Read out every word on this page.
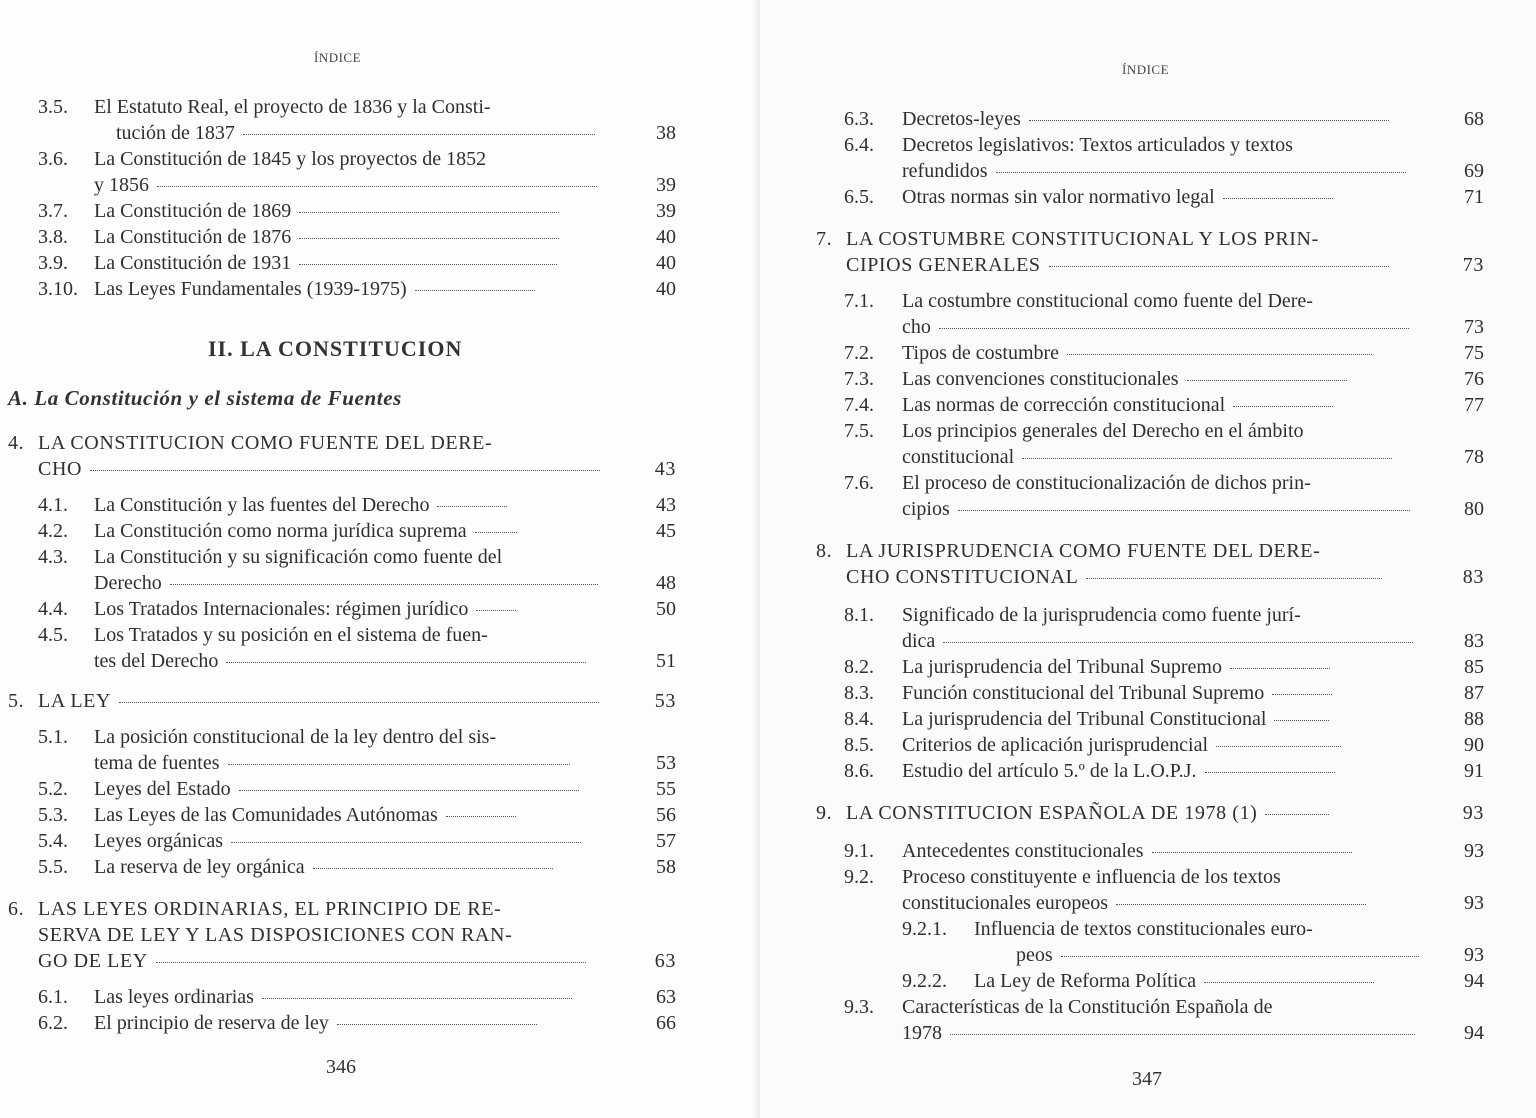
ÍNDICE
3.5. El Estatuto Real, el proyecto de 1836 y la Consti-
tución de 1837	38
3.6. La Constitución de 1845 y los proyectos de 1852
y 1856	39
3.7. La Constitución de 1869	39
3.8. La Constitución de 1876	40
3.9. La Constitución de 1931	40
3.10. Las Leyes Fundamentales (1939-1975)	40
II. LA CONSTITUCION
A. La Constitución y el sistema de Fuentes
4. LA CONSTITUCION COMO FUENTE DEL DERE-
CHO	43
4.1. La Constitución y las fuentes del Derecho	43
4.2. La Constitución como norma jurídica suprema	45
4.3. La Constitución y su significación como fuente del
Derecho	48
4.4. Los Tratados Internacionales: régimen jurídico	50
4.5. Los Tratados y su posición en el sistema de fuen-
tes del Derecho	51
5. LA LEY	53
5.1. La posición constitucional de la ley dentro del sis-
tema de fuentes	53
5.2. Leyes del Estado	55
5.3. Las Leyes de las Comunidades Autónomas	56
5.4. Leyes orgánicas	57
5.5. La reserva de ley orgánica	58
6. LAS LEYES ORDINARIAS, EL PRINCIPIO DE RE-
SERVA DE LEY Y LAS DISPOSICIONES CON RAN-
GO DE LEY	63
6.1. Las leyes ordinarias	63
6.2. El principio de reserva de ley	66
346
ÍNDICE
6.3. Decretos-leyes	68
6.4. Decretos legislativos: Textos articulados y textos
refundidos	69
6.5. Otras normas sin valor normativo legal	71
7. LA COSTUMBRE CONSTITUCIONAL Y LOS PRIN-
CIPIOS GENERALES	73
7.1. La costumbre constitucional como fuente del Dere-
cho	73
7.2. Tipos de costumbre	75
7.3. Las convenciones constitucionales	76
7.4. Las normas de corrección constitucional	77
7.5. Los principios generales del Derecho en el ámbito
constitucional	78
7.6. El proceso de constitucionalización de dichos prin-
cipios	80
8. LA JURISPRUDENCIA COMO FUENTE DEL DERE-
CHO CONSTITUCIONAL	83
8.1. Significado de la jurisprudencia como fuente jurí-
dica	83
8.2. La jurisprudencia del Tribunal Supremo	85
8.3. Función constitucional del Tribunal Supremo	87
8.4. La jurisprudencia del Tribunal Constitucional	88
8.5. Criterios de aplicación jurisprudencial	90
8.6. Estudio del artículo 5.º de la L.O.P.J.	91
9. LA CONSTITUCION ESPAÑOLA DE 1978 (1)	93
9.1. Antecedentes constitucionales	93
9.2. Proceso constituyente e influencia de los textos
constitucionales europeos	93
9.2.1. Influencia de textos constitucionales euro-
peos	93
9.2.2. La Ley de Reforma Política	94
9.3. Características de la Constitución Española de
1978	94
347
